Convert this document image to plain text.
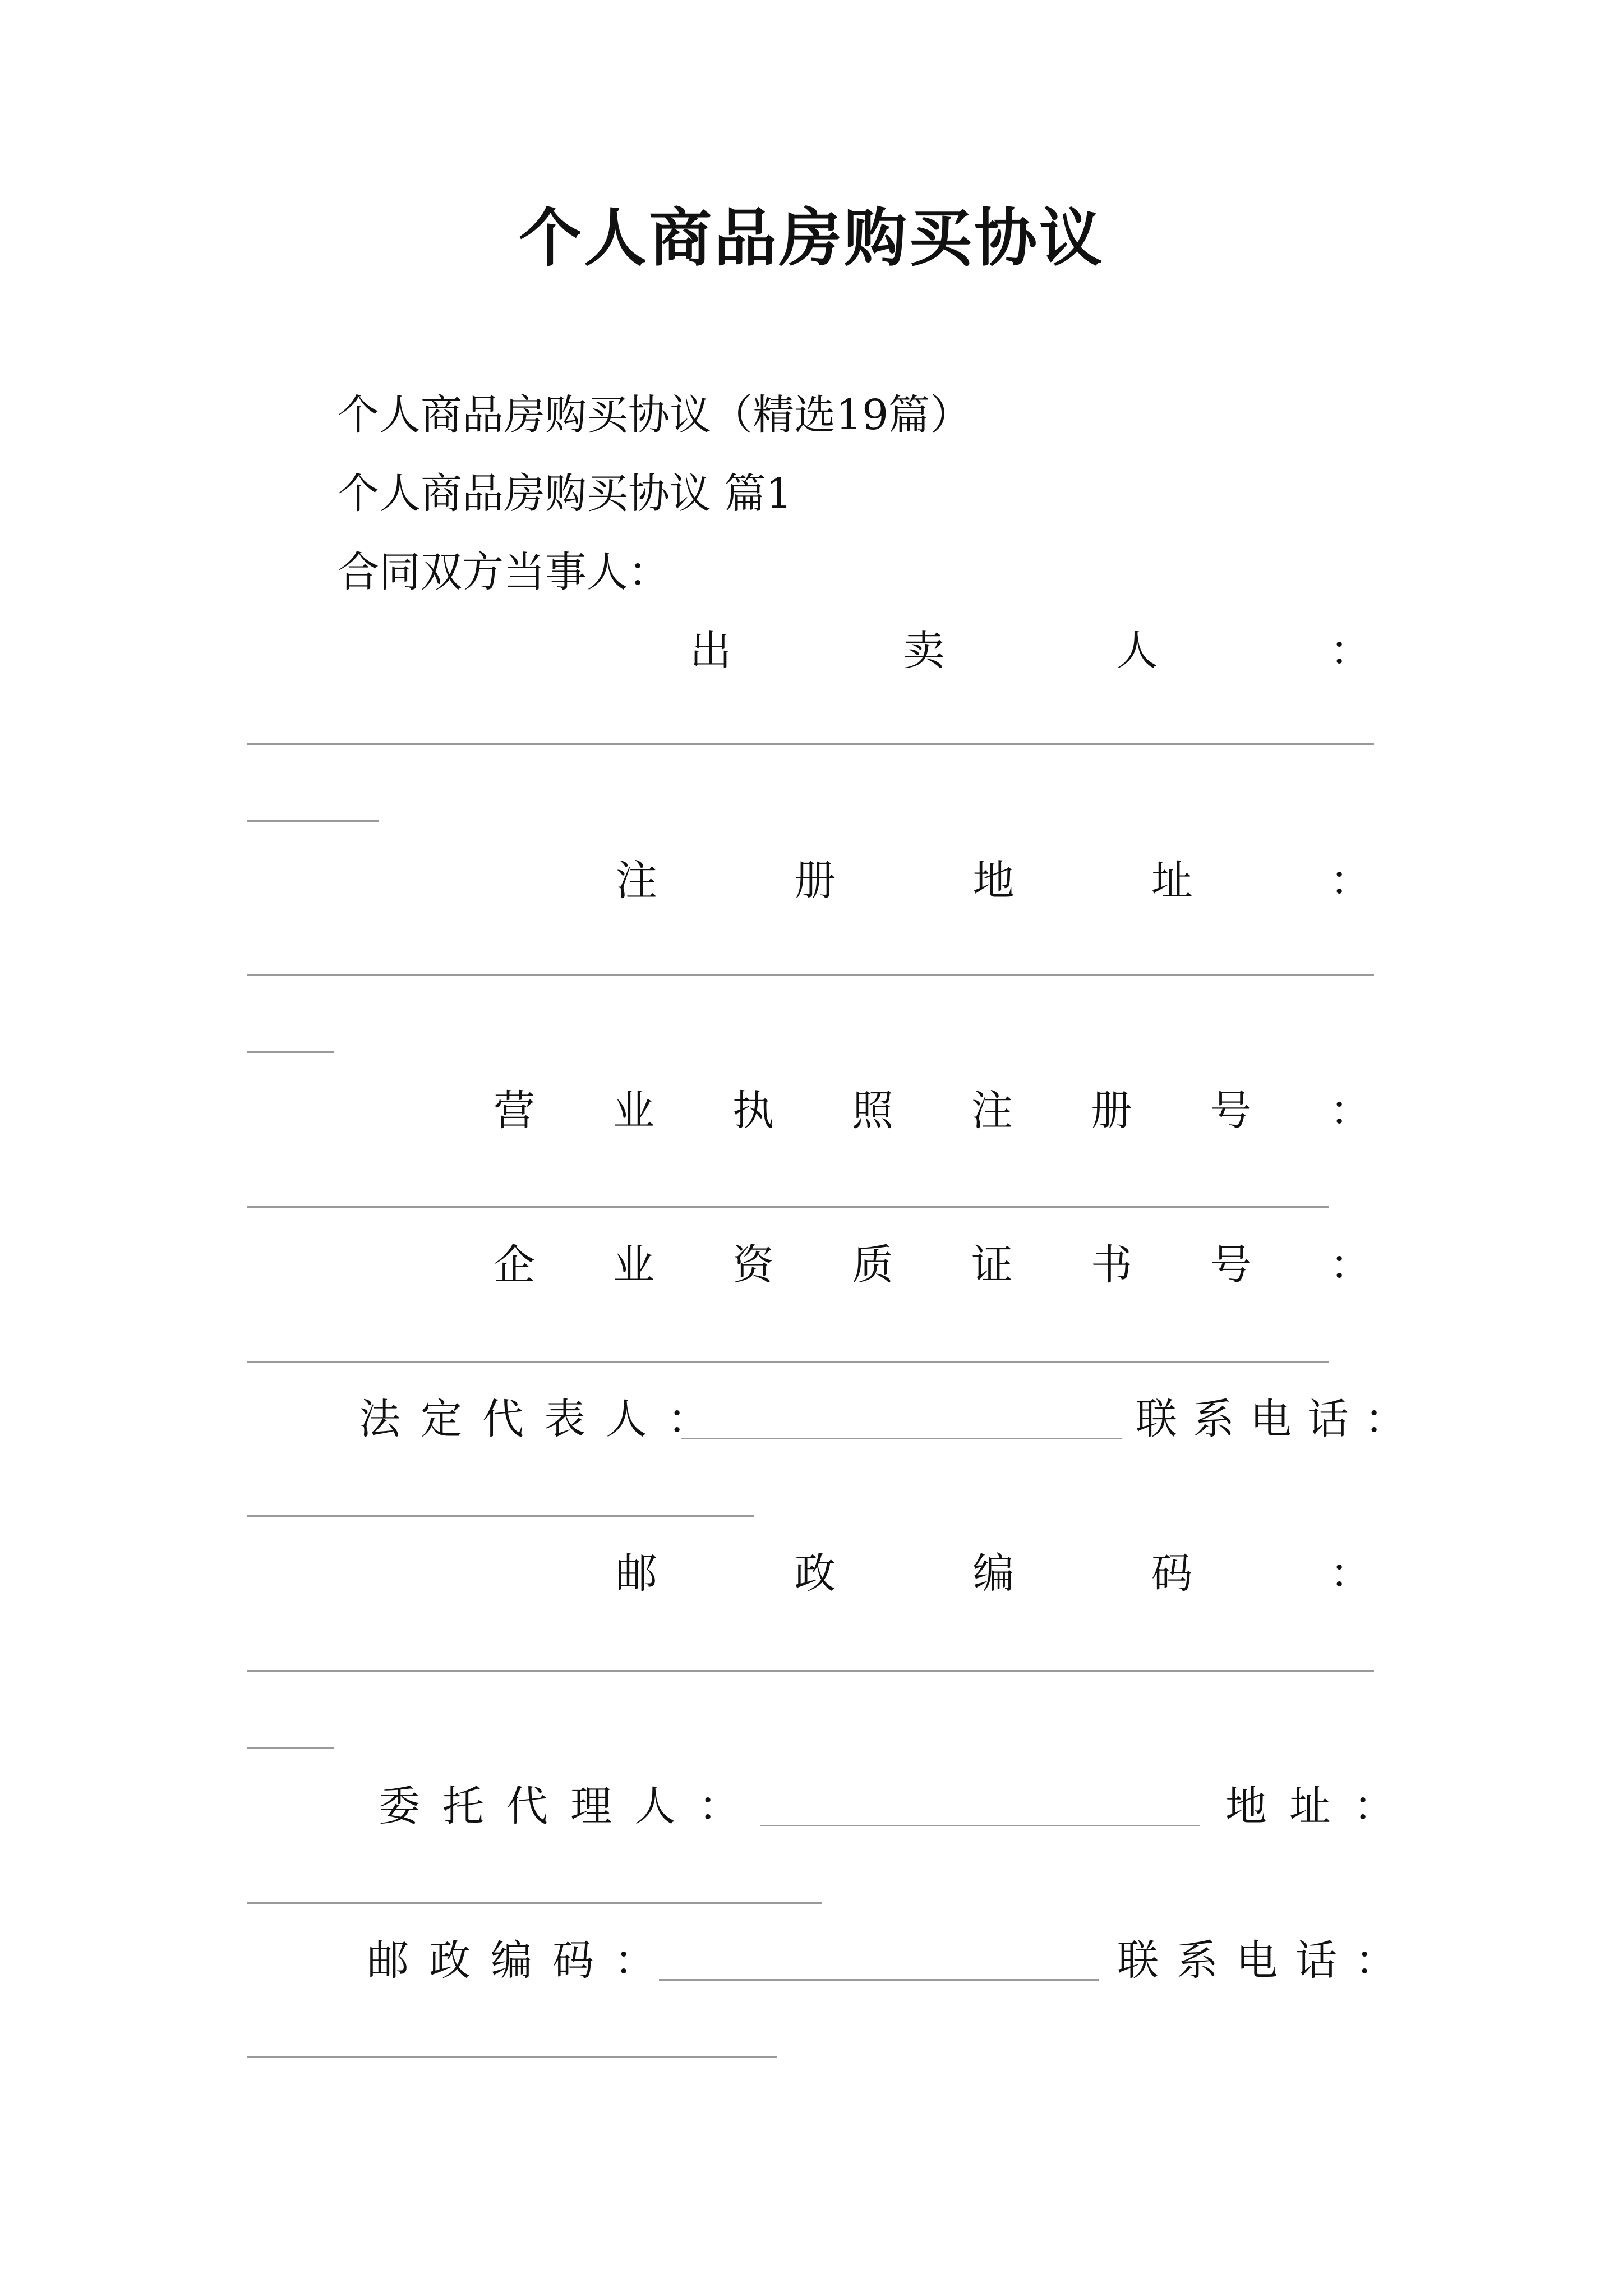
个人商品房购买协议
个人商品房购买协议（精选19篇）
个人商品房购买协议 篇1
合同双方当事人：
出	卖	人	：
注	册	地	址	：
营 业 执 照 注 册 号 ：
企 业 资 质 证 书 号 ：
法定代表人：	联系电话：
邮	政	编	码	：
委托代理人：	地址：
邮政编码：	联系电话：
